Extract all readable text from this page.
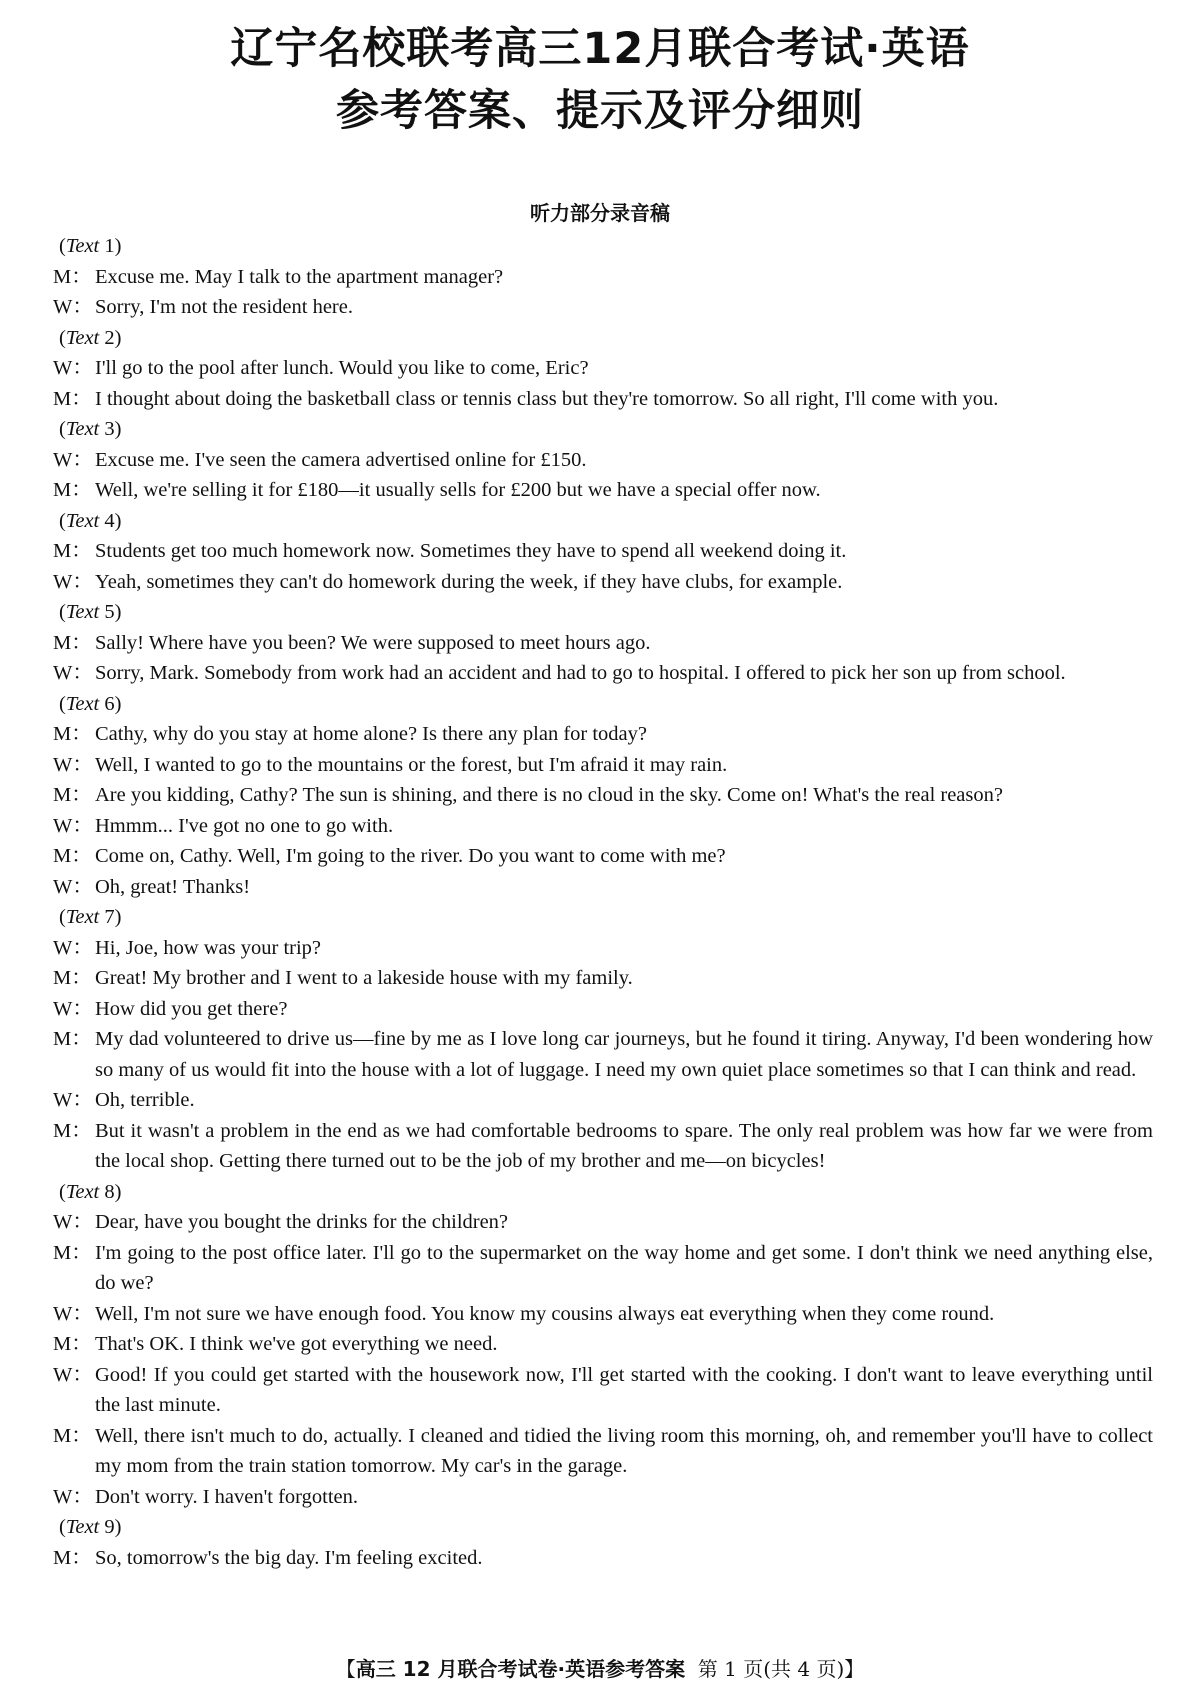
辽宁名校联考高三12月联合考试·英语
参考答案、提示及评分细则
听力部分录音稿
(Text 1)
M： Excuse me. May I talk to the apartment manager?
W： Sorry, I'm not the resident here.
(Text 2)
W： I'll go to the pool after lunch. Would you like to come, Eric?
M： I thought about doing the basketball class or tennis class but they're tomorrow. So all right, I'll come with you.
(Text 3)
W： Excuse me. I've seen the camera advertised online for £150.
M： Well, we're selling it for £180—it usually sells for £200 but we have a special offer now.
(Text 4)
M： Students get too much homework now. Sometimes they have to spend all weekend doing it.
W： Yeah, sometimes they can't do homework during the week, if they have clubs, for example.
(Text 5)
M： Sally! Where have you been? We were supposed to meet hours ago.
W： Sorry, Mark. Somebody from work had an accident and had to go to hospital. I offered to pick her son up from school.
(Text 6)
M： Cathy, why do you stay at home alone? Is there any plan for today?
W： Well, I wanted to go to the mountains or the forest, but I'm afraid it may rain.
M： Are you kidding, Cathy? The sun is shining, and there is no cloud in the sky. Come on! What's the real reason?
W： Hmmm... I've got no one to go with.
M： Come on, Cathy. Well, I'm going to the river. Do you want to come with me?
W： Oh, great! Thanks!
(Text 7)
W： Hi, Joe, how was your trip?
M： Great! My brother and I went to a lakeside house with my family.
W： How did you get there?
M： My dad volunteered to drive us—fine by me as I love long car journeys, but he found it tiring. Anyway, I'd been wondering how so many of us would fit into the house with a lot of luggage. I need my own quiet place sometimes so that I can think and read.
W： Oh, terrible.
M： But it wasn't a problem in the end as we had comfortable bedrooms to spare. The only real problem was how far we were from the local shop. Getting there turned out to be the job of my brother and me—on bicycles!
(Text 8)
W： Dear, have you bought the drinks for the children?
M： I'm going to the post office later. I'll go to the supermarket on the way home and get some. I don't think we need anything else, do we?
W： Well, I'm not sure we have enough food. You know my cousins always eat everything when they come round.
M： That's OK. I think we've got everything we need.
W： Good! If you could get started with the housework now, I'll get started with the cooking. I don't want to leave everything until the last minute.
M： Well, there isn't much to do, actually. I cleaned and tidied the living room this morning, oh, and remember you'll have to collect my mom from the train station tomorrow. My car's in the garage.
W： Don't worry. I haven't forgotten.
(Text 9)
M： So, tomorrow's the big day. I'm feeling excited.
【高三 12 月联合考试卷·英语参考答案 第 1 页(共 4 页)】
